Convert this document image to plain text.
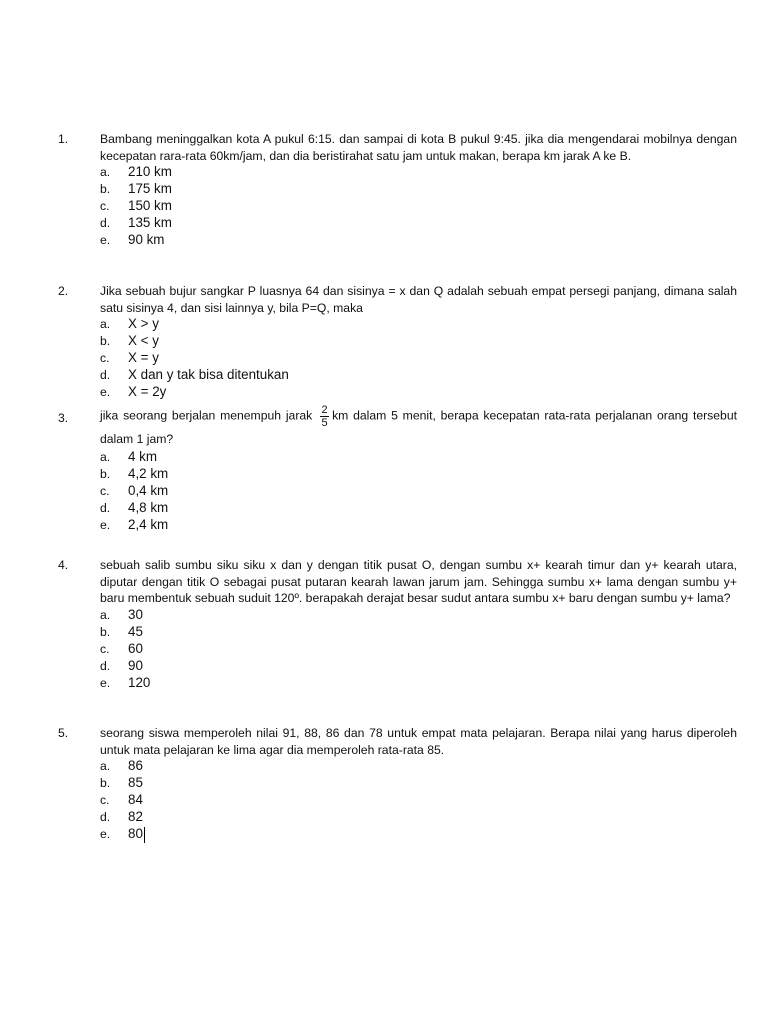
1.	Bambang meninggalkan kota A pukul 6:15. dan sampai di kota B pukul 9:45. jika dia mengendarai mobilnya dengan kecepatan rara-rata 60km/jam, dan dia beristirahat satu jam untuk makan, berapa km jarak A ke B.
a.	210 km
b.	175 km
c.	150 km
d.	135 km
e.	90 km
2.	Jika sebuah bujur sangkar P luasnya 64 dan sisinya = x dan Q adalah sebuah empat persegi panjang, dimana salah satu sisinya 4, dan sisi lainnya y, bila P=Q, maka
a.	X > y
b.	X < y
c.	X = y
d.	X dan y tak bisa ditentukan
e.	X = 2y
3.	jika seorang berjalan menempuh jarak $\frac{2}{5}$ km dalam 5 menit, berapa kecepatan rata-rata perjalanan orang tersebut dalam 1 jam?
a.	4 km
b.	4,2 km
c.	0,4 km
d.	4,8 km
e.	2,4 km
4.	sebuah salib sumbu siku siku x dan y dengan titik pusat O, dengan sumbu x+ kearah timur dan y+ kearah utara, diputar dengan titik O sebagai pusat putaran kearah lawan jarum jam. Sehingga sumbu x+ lama dengan sumbu y+ baru membentuk sebuah suduit 120º. berapakah derajat besar sudut antara sumbu x+ baru dengan sumbu y+ lama?
a.	30
b.	45
c.	60
d.	90
e.	120
5.	seorang siswa memperoleh nilai 91, 88, 86 dan 78 untuk empat mata pelajaran. Berapa nilai yang harus diperoleh untuk mata pelajaran ke lima agar dia memperoleh rata-rata 85.
a.	86
b.	85
c.	84
d.	82
e.	80
